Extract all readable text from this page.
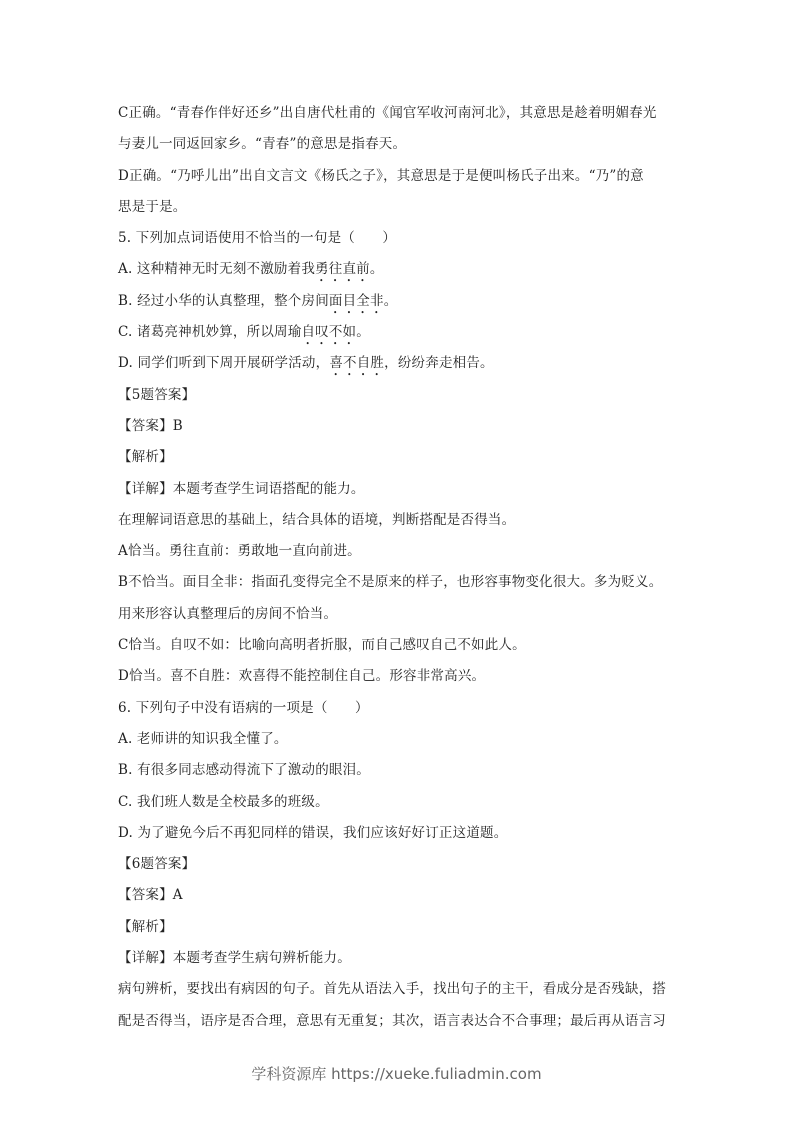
C正确。“青春作伴好还乡”出自唐代杜甫的《闻官军收河南河北》，其意思是趁着明媚春光
与妻儿一同返回家乡。“青春”的意思是指春天。
D正确。“乃呼儿出”出自文言文《杨氏之子》，其意思是于是便叫杨氏子出来。“乃”的意
思是于是。
5. 下列加点词语使用不恰当的一句是（　　）
A. 这种精神无时无刻不激励着我勇往直前。
B. 经过小华的认真整理，整个房间面目全非。
C. 诸葛亮神机妙算，所以周瑜自叹不如。
D. 同学们听到下周开展研学活动，喜不自胜，纷纷奔走相告。
【5题答案】
【答案】B
【解析】
【详解】本题考查学生词语搭配的能力。
在理解词语意思的基础上，结合具体的语境，判断搭配是否得当。
A恰当。勇往直前：勇敢地一直向前进。
B不恰当。面目全非：指面孔变得完全不是原来的样子，也形容事物变化很大。多为贬义。
用来形容认真整理后的房间不恰当。
C恰当。自叹不如：比喻向高明者折服，而自己感叹自己不如此人。
D恰当。喜不自胜：欢喜得不能控制住自己。形容非常高兴。
6. 下列句子中没有语病的一项是（　　）
A. 老师讲的知识我全懂了。
B. 有很多同志感动得流下了激动的眼泪。
C. 我们班人数是全校最多的班级。
D. 为了避免今后不再犯同样的错误，我们应该好好订正这道题。
【6题答案】
【答案】A
【解析】
【详解】本题考查学生病句辨析能力。
病句辨析，要找出有病因的句子。首先从语法入手，找出句子的主干，看成分是否残缺，搭
配是否得当，语序是否合理，意思有无重复；其次，语言表达合不合事理；最后再从语言习
学科资源库 https://xueke.fuliadmin.com
